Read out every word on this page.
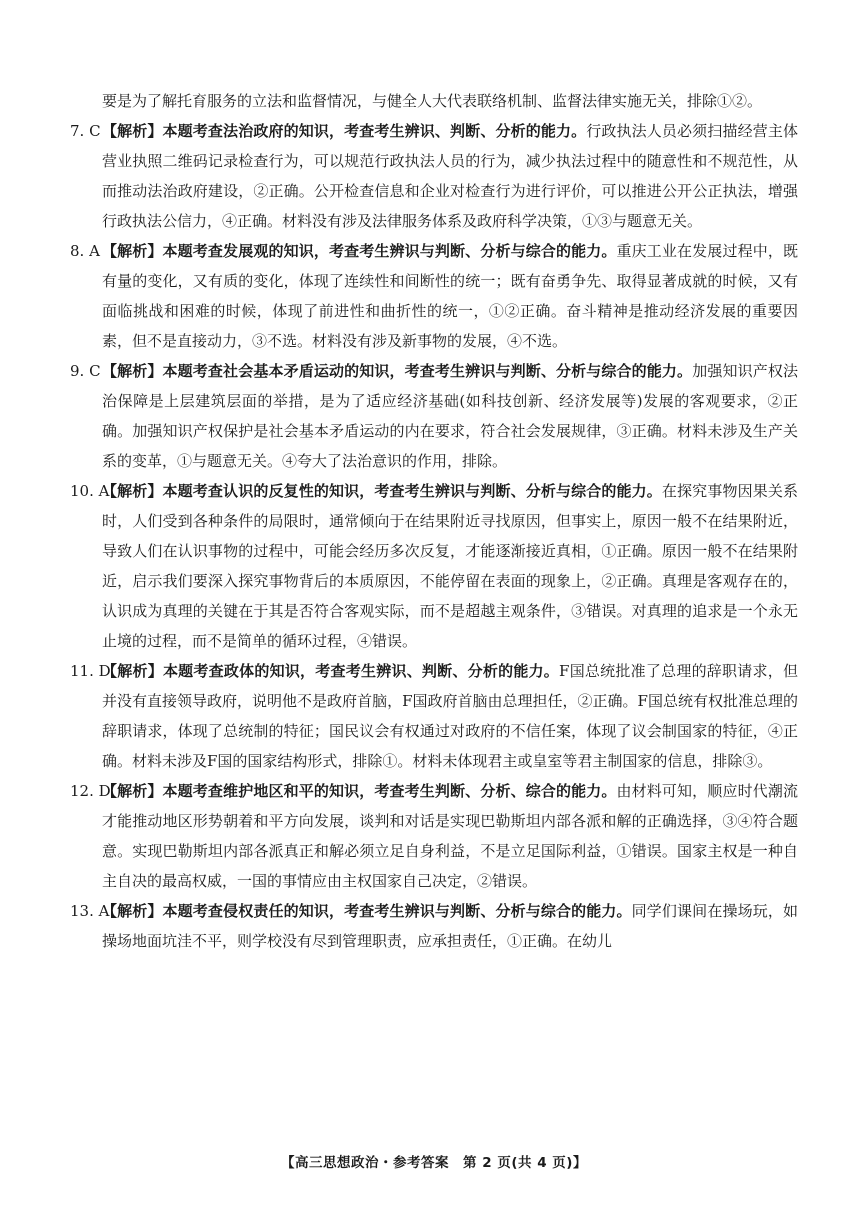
要是为了解托育服务的立法和监督情况，与健全人大代表联络机制、监督法律实施无关，排除①②。

7. C 【解析】本题考查法治政府的知识，考查考生辨识、判断、分析的能力。行政执法人员必须扫描经营主体营业执照二维码记录检查行为，可以规范行政执法人员的行为，减少执法过程中的随意性和不规范性，从而推动法治政府建设，②正确。公开检查信息和企业对检查行为进行评价，可以推进公开公正执法，增强行政执法公信力，④正确。材料没有涉及法律服务体系及政府科学决策，①③与题意无关。

8. A 【解析】本题考查发展观的知识，考查考生辨识与判断、分析与综合的能力。重庆工业在发展过程中，既有量的变化，又有质的变化，体现了连续性和间断性的统一；既有奋勇争先、取得显著成就的时候，又有面临挑战和困难的时候，体现了前进性和曲折性的统一，①②正确。奋斗精神是推动经济发展的重要因素，但不是直接动力，③不选。材料没有涉及新事物的发展，④不选。

9. C 【解析】本题考查社会基本矛盾运动的知识，考查考生辨识与判断、分析与综合的能力。加强知识产权法治保障是上层建筑层面的举措，是为了适应经济基础(如科技创新、经济发展等)发展的客观要求，②正确。加强知识产权保护是社会基本矛盾运动的内在要求，符合社会发展规律，③正确。材料未涉及生产关系的变革，①与题意无关。④夸大了法治意识的作用，排除。

10. A
【解析】本题考查认识的反复性的知识，考查考生辨识与判断、分析与综合的能力。在探究事物因果关系时，人们受到各种条件的局限时，通常倾向于在结果附近寻找原因，但事实上，原因一般不在结果附近，导致人们在认识事物的过程中，可能会经历多次反复，才能逐渐接近真相，①正确。原因一般不在结果附近，启示我们要深入探究事物背后的本质原因，不能停留在表面的现象上，②正确。真理是客观存在的，认识成为真理的关键在于其是否符合客观实际，而不是超越主观条件，③错误。对真理的追求是一个永无止境的过程，而不是简单的循环过程，④错误。

11. D
【解析】本题考查政体的知识，考查考生辨识、判断、分析的能力。F国总统批准了总理的辞职请求，但并没有直接领导政府，说明他不是政府首脑，F国政府首脑由总理担任，②正确。F国总统有权批准总理的辞职请求，体现了总统制的特征；国民议会有权通过对政府的不信任案，体现了议会制国家的特征，④正确。材料未涉及F国的国家结构形式，排除①。材料未体现君主或皇室等君主制国家的信息，排除③。

12. D
【解析】本题考查维护地区和平的知识，考查考生判断、分析、综合的能力。由材料可知，顺应时代潮流才能推动地区形势朝着和平方向发展，谈判和对话是实现巴勒斯坦内部各派和解的正确选择，③④符合题意。实现巴勒斯坦内部各派真正和解必须立足自身利益，不是立足国际利益，①错误。国家主权是一种自主自决的最高权威，一国的事情应由主权国家自己决定，②错误。

13. A
【解析】本题考查侵权责任的知识，考查考生辨识与判断、分析与综合的能力。同学们课间在操场玩，如操场地面坑洼不平，则学校没有尽到管理职责，应承担责任，①正确。在幼儿

【高三思想政治・参考答案　第 2 页(共 4 页)】
